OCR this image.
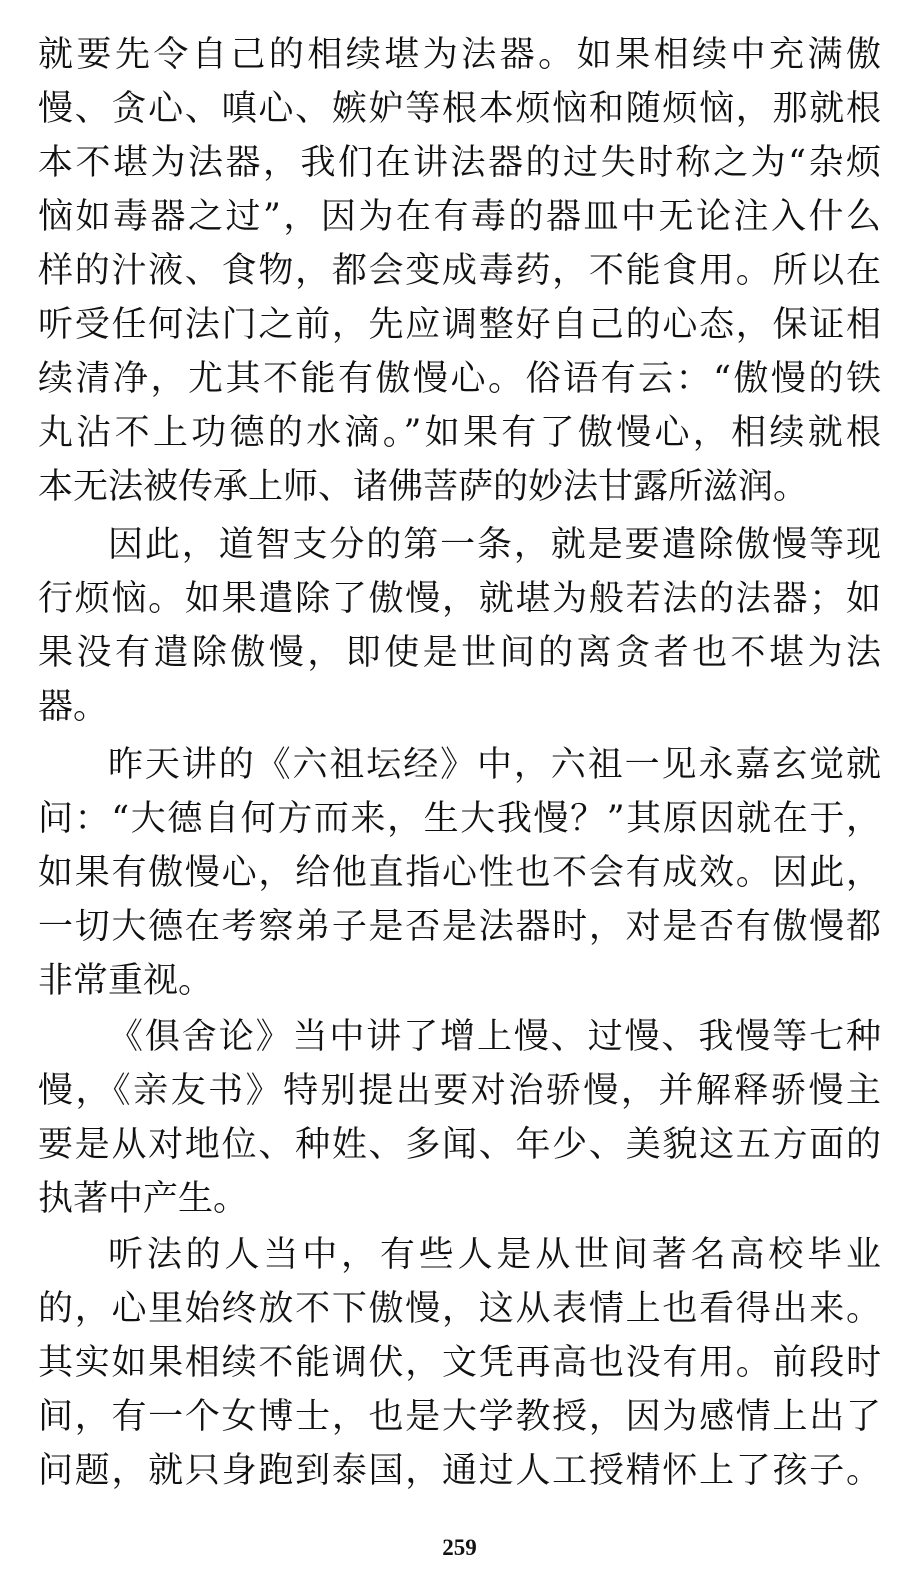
就要先令自己的相续堪为法器。如果相续中充满傲
慢、贪心、嗔心、嫉妒等根本烦恼和随烦恼，那就根
本不堪为法器，我们在讲法器的过失时称之为“杂烦
恼如毒器之过”，因为在有毒的器皿中无论注入什么
样的汁液、食物，都会变成毒药，不能食用。所以在
听受任何法门之前，先应调整好自己的心态，保证相
续清净，尤其不能有傲慢心。俗语有云：“傲慢的铁
丸沾不上功德的水滴。”如果有了傲慢心，相续就根
本无法被传承上师、诸佛菩萨的妙法甘露所滋润。
因此，道智支分的第一条，就是要遣除傲慢等现
行烦恼。如果遣除了傲慢，就堪为般若法的法器；如
果没有遣除傲慢，即使是世间的离贪者也不堪为法
器。
昨天讲的《六祖坛经》中，六祖一见永嘉玄觉就
问：“大德自何方而来，生大我慢？”其原因就在于，
如果有傲慢心，给他直指心性也不会有成效。因此，
一切大德在考察弟子是否是法器时，对是否有傲慢都
非常重视。
《俱舍论》当中讲了增上慢、过慢、我慢等七种
慢，《亲友书》特别提出要对治骄慢，并解释骄慢主
要是从对地位、种姓、多闻、年少、美貌这五方面的
执著中产生。
听法的人当中，有些人是从世间著名高校毕业
的，心里始终放不下傲慢，这从表情上也看得出来。
其实如果相续不能调伏，文凭再高也没有用。前段时
间，有一个女博士，也是大学教授，因为感情上出了
问题，就只身跑到泰国，通过人工授精怀上了孩子。
259
